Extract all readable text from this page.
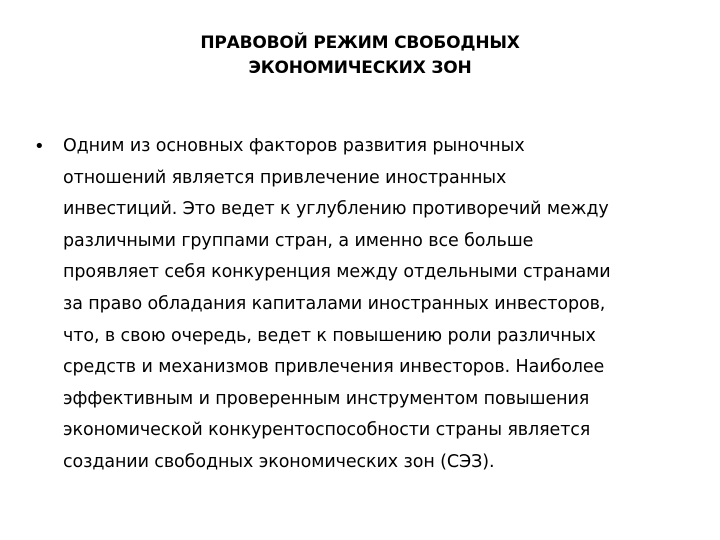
ПРАВОВОЙ РЕЖИМ СВОБОДНЫХ
ЭКОНОМИЧЕСКИХ ЗОН
• Одним из основных факторов развития рыночных
отношений является привлечение иностранных
инвестиций. Это ведет к углублению противоречий между
различными группами стран, а именно все больше
проявляет себя конкуренция между отдельными странами
за право обладания капиталами иностранных инвесторов,
что, в свою очередь, ведет к повышению роли различных
средств и механизмов привлечения инвесторов. Наиболее
эффективным и проверенным инструментом повышения
экономической конкурентоспособности страны является
создании свободных экономических зон (СЭЗ).
